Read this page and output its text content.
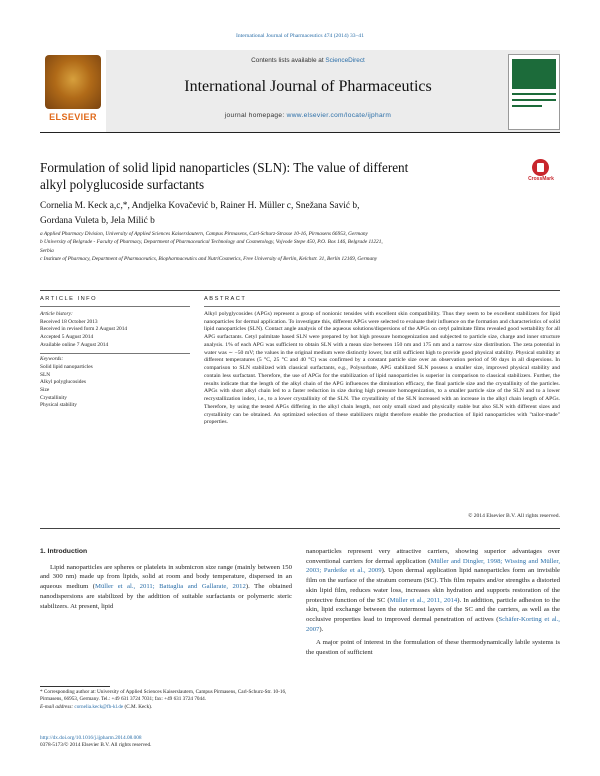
International Journal of Pharmaceutics 474 (2014) 33–41
ELSEVIER
Contents lists available at ScienceDirect
International Journal of Pharmaceutics
journal homepage: www.elsevier.com/locate/ijpharm
Formulation of solid lipid nanoparticles (SLN): The value of different
alkyl polyglucoside surfactants	CrossMark
Cornelia M. Keck a,c,*, Andjelka Kovačević b, Rainer H. Müller c, Snežana Savić b,
Gordana Vuleta b, Jela Milić b
a Applied Pharmacy Division, University of Applied Sciences Kaiserslautern, Campus Pirmasens, Carl-Schurz-Strasse 10-16, Pirmasens 66953, Germany
b University of Belgrade - Faculty of Pharmacy, Department of Pharmaceutical Technology and Cosmetology, Vojvode Stepe 450, P.O. Box 146, Belgrade 11221,
Serbia
c Institute of Pharmacy, Department of Pharmaceutics, Biopharmaceutics and NutriCosmetics, Free University of Berlin, Kelchstr. 31, Berlin 12169, Germany
ARTICLE INFO	ABSTRACT
Article history:
Received 18 October 2013
Received in revised form 2 August 2014
Accepted 5 August 2014
Available online 7 August 2014
Keywords:
Solid lipid nanoparticles
SLN
Alkyl polyglucosides
Size
Crystallinity
Physical stability
Alkyl polyglycosides (APGs) represent a group of nonionic tensides with excellent skin compatibility. Thus they seem to be excellent stabilizers for lipid nanoparticles for dermal application. To investigate this, different APGs were selected to evaluate their influence on the formation and characteristics of solid lipid nanoparticles (SLN). Contact angle analysis of the aqueous solutions/dispersions of the APGs on cetyl palmitate films revealed good wettability for all APG surfactants. Cetyl palmitate based SLN were prepared by hot high pressure homogenization and subjected to particle size, charge and inner structure analysis. 1% of each APG was sufficient to obtain SLN with a mean size between 150 nm and 175 nm and a narrow size distribution. The zeta potential in water was ∼ −50 mV; the values in the original medium were distinctly lower, but still sufficient high to provide good physical stability. Physical stability at different temperatures (5 °C, 25 °C and 40 °C) was confirmed by a constant particle size over an observation period of 90 days in all dispersions. In comparison to SLN stabilized with classical surfactants, e.g., Polysorbate, APG stabilized SLN possess a smaller size, improved physical stability and contain less surfactant. Therefore, the use of APGs for the stabilization of lipid nanoparticles is superior in comparison to classical stabilizers. Further, the results indicate that the length of the alkyl chain of the APG influences the diminution efficacy, the final particle size and the crystallinity of the particles. APGs with short alkyl chain led to a faster reduction in size during high pressure homogenization, to a smaller particle size of the SLN and to a lower recrystallization index, i.e., to a lower crystallinity of the SLN. The crystallinity of the SLN increased with an increase in the alkyl chain length of APGs. Therefore, by using the tested APGs differing in the alkyl chain length, not only small sized and physically stable but also SLN with different sizes and crystallinity can be obtained. An optimized selection of these stabilizers might therefore enable the production of lipid nanoparticles with "tailor-made" properties.
© 2014 Elsevier B.V. All rights reserved.
1. Introduction

Lipid nanoparticles are spheres or platelets in submicron size range (mainly between 150 and 300 nm) made up from lipids, solid at room and body temperature, dispersed in an aqueous medium (Müller et al., 2011; Battaglia and Gallarate, 2012). The obtained nanodispersions are stabilized by the addition of suitable surfactants or polymeric steric stabilizers. At present, lipid

nanoparticles represent very attractive carriers, showing superior advantages over conventional carriers for dermal application (Müller and Dingler, 1998; Wissing and Müller, 2003; Pardeike et al., 2009). Upon dermal application lipid nanoparticles form an invisible film on the surface of the stratum corneum (SC). This film repairs and/or strengths a distorted skin lipid film, reduces water loss, increases skin hydration and supports restoration of the protective function of the SC (Müller et al., 2011, 2014). In addition, particle adhesion to the skin, lipid exchange between the outermost layers of the SC and the carriers, as well as the occlusive properties lead to improved dermal penetration of actives (Schäfer-Korting et al., 2007).

A major point of interest in the formulation of these thermodynamically labile systems is the question of sufficient

* Corresponding author at: University of Applied Sciences Kaiserslautern, Campus Pirmasens, Carl-Schurz-Str. 10-16, Pirmasens, 66953, Germany. Tel.: +49 631 3724 7031; fax: +49 631 3724 7044.
E-mail address: cornelia.keck@fh-kl.de (C.M. Keck).
http://dx.doi.org/10.1016/j.ijpharm.2014.08.008
0378-5173/© 2014 Elsevier B.V. All rights reserved.
